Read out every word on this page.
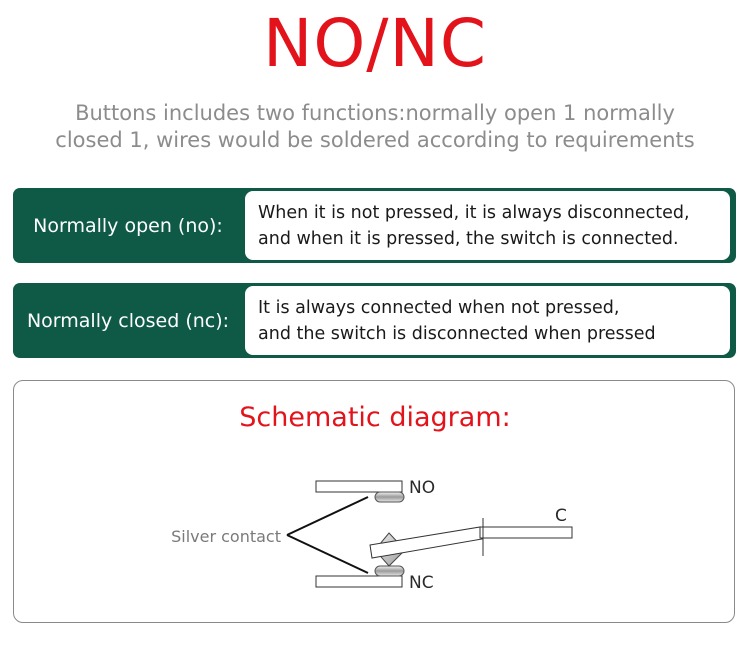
NO/NC
Buttons includes two functions:normally open 1 normally
closed 1, wires would be soldered according to requirements
Normally open (no):
When it is not pressed, it is always disconnected,
and when it is pressed, the switch is connected.
Normally closed (nc):
It is always connected when not pressed,
and the switch is disconnected when pressed
Schematic diagram:
NO
NC
C
Silver contact
